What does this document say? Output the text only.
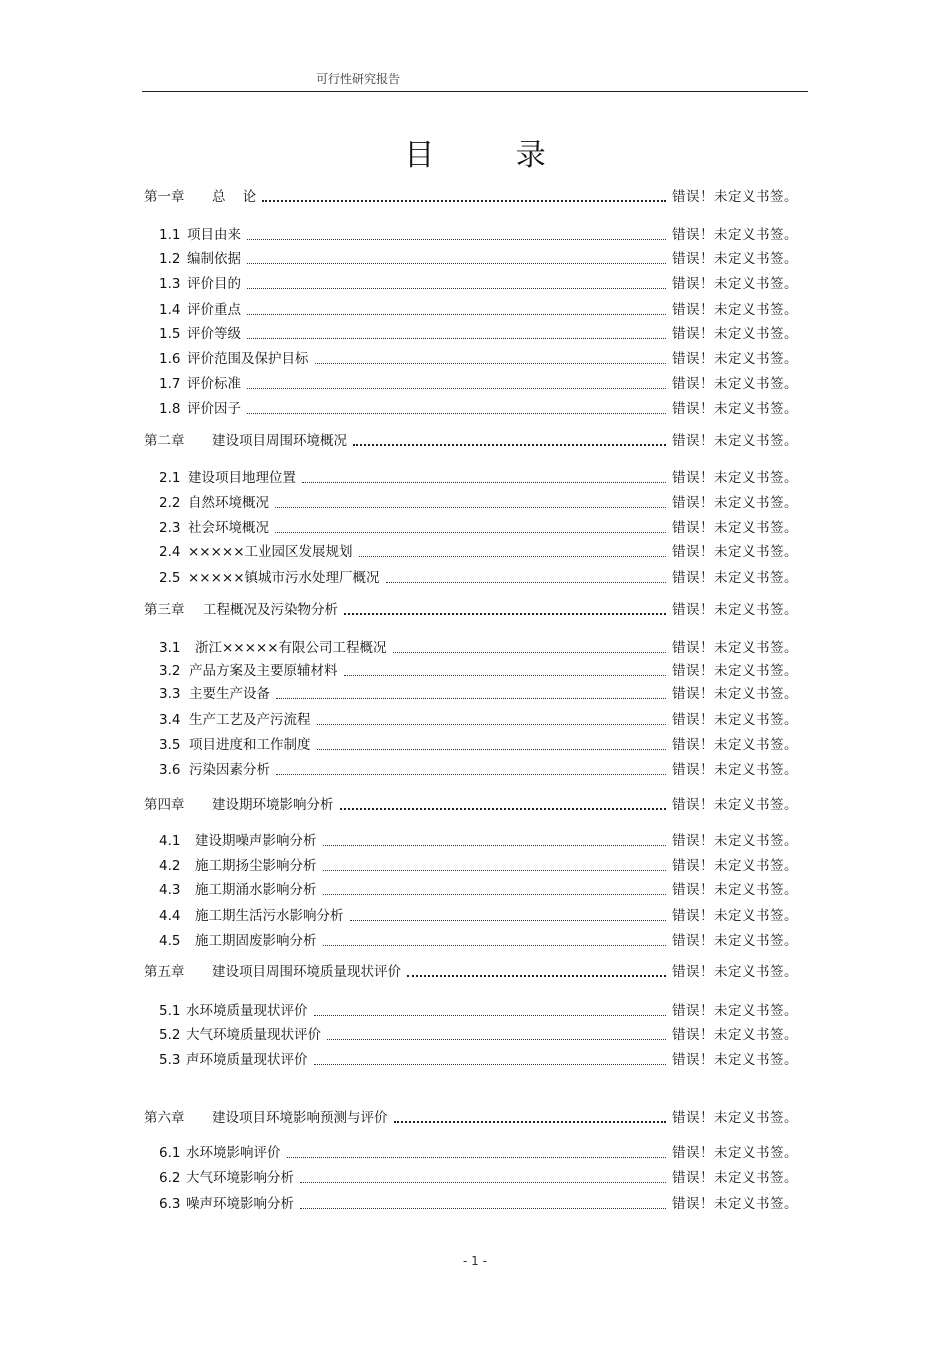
可行性研究报告
目 录
第一章	总    论	错误！未定义书签。
1.1 项目由来	错误！未定义书签。
1.2 编制依据	错误！未定义书签。
1.3 评价目的	错误！未定义书签。
1.4 评价重点	错误！未定义书签。
1.5 评价等级	错误！未定义书签。
1.6 评价范围及保护目标	错误！未定义书签。
1.7 评价标准	错误！未定义书签。
1.8 评价因子	错误！未定义书签。
第二章	建设项目周围环境概况	错误！未定义书签。
2.1 建设项目地理位置	错误！未定义书签。
2.2 自然环境概况	错误！未定义书签。
2.3 社会环境概况	错误！未定义书签。
2.4 ×××××工业园区发展规划	错误！未定义书签。
2.5 ×××××镇城市污水处理厂概况	错误！未定义书签。
第三章	工程概况及污染物分析	错误！未定义书签。
3.1	浙江×××××有限公司工程概况	错误！未定义书签。
3.2 产品方案及主要原辅材料	错误！未定义书签。
3.3 主要生产设备	错误！未定义书签。
3.4 生产工艺及产污流程	错误！未定义书签。
3.5 项目进度和工作制度	错误！未定义书签。
3.6 污染因素分析	错误！未定义书签。
第四章	建设期环境影响分析	错误！未定义书签。
4.1	建设期噪声影响分析	错误！未定义书签。
4.2	施工期扬尘影响分析	错误！未定义书签。
4.3	施工期涌水影响分析	错误！未定义书签。
4.4	施工期生活污水影响分析	错误！未定义书签。
4.5	施工期固废影响分析	错误！未定义书签。
第五章	建设项目周围环境质量现状评价	错误！未定义书签。
5.1 水环境质量现状评价	错误！未定义书签。
5.2 大气环境质量现状评价	错误！未定义书签。
5.3 声环境质量现状评价	错误！未定义书签。
第六章	建设项目环境影响预测与评价	错误！未定义书签。
6.1 水环境影响评价	错误！未定义书签。
6.2 大气环境影响分析	错误！未定义书签。
6.3 噪声环境影响分析	错误！未定义书签。
- 1 -
